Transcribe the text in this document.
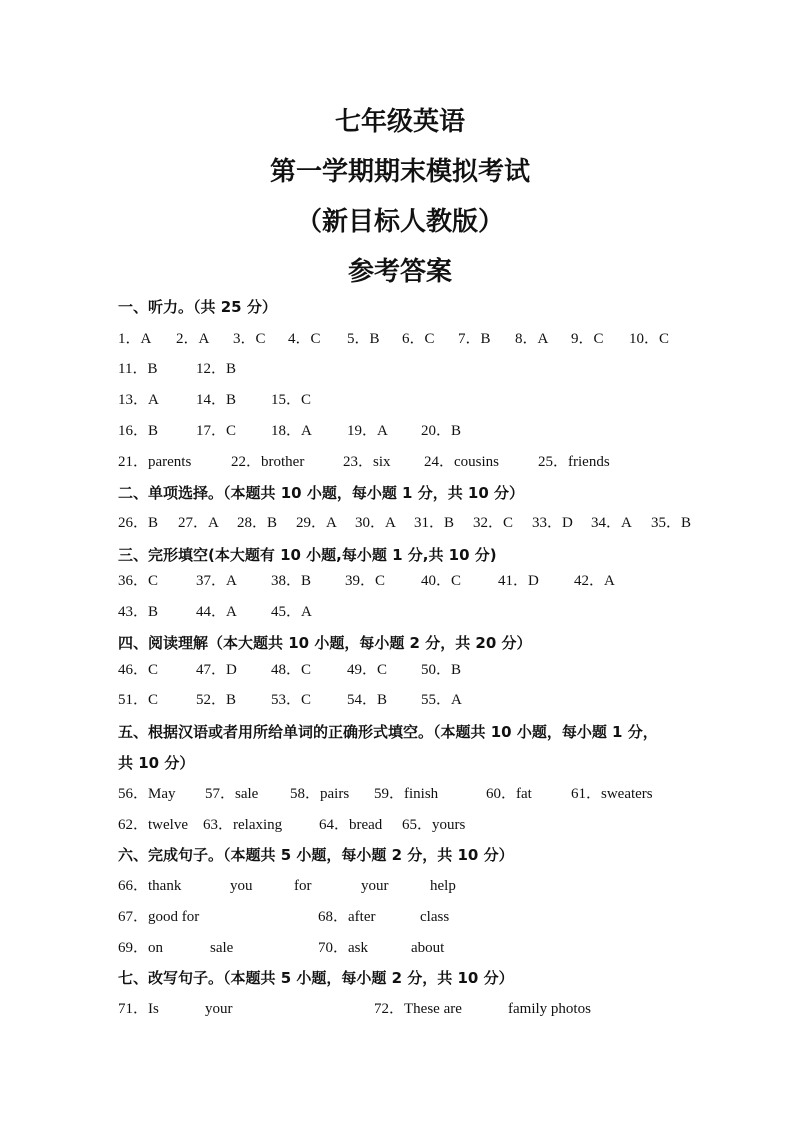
七年级英语
第一学期期末模拟考试
（新目标人教版）
参考答案
一、听力。（共 25 分）
1．A 2．A 3．C 4．C 5．B 6．C 7．B 8．A 9．C 10．C
11．B	12．B
13．A 14．B 15．C
16．B	17．C 18．A 19．A 20．B
21．parents	22．brother	23．six 24．cousins	25．friends
二、单项选择。（本题共 10 小题，每小题 1 分，共 10 分）
26．B 27．A 28．B 29．A 30．A 31．B 32．C 33．D 34．A 35．B
三、完形填空(本大题有 10 小题,每小题 1 分,共 10 分)
36．C	37．A 38．B 39．C 40．C 41．D 42．A
43．B	44．A 45．A
四、阅读理解（本大题共 10 小题，每小题 2 分，共 20 分）
46．C	47．D 48．C 49．C 50．B
51．C	52．B 53．C 54．B 55．A
五、根据汉语或者用所给单词的正确形式填空。（本题共 10 小题，每小题 1 分，
共 10 分）
56．May 57．sale 58．pairs 59．finish	60．fat	61．sweaters
62．twelve 63．relaxing 64．bread 65．yours
六、完成句子。（本题共 5 小题，每小题 2 分，共 10 分）
66．thank	you	for	your	help
67．good for	68．after	class
69．on	sale	70．ask	about
七、改写句子。（本题共 5 小题，每小题 2 分，共 10 分）
71．Is	your	72．These are	family photos
